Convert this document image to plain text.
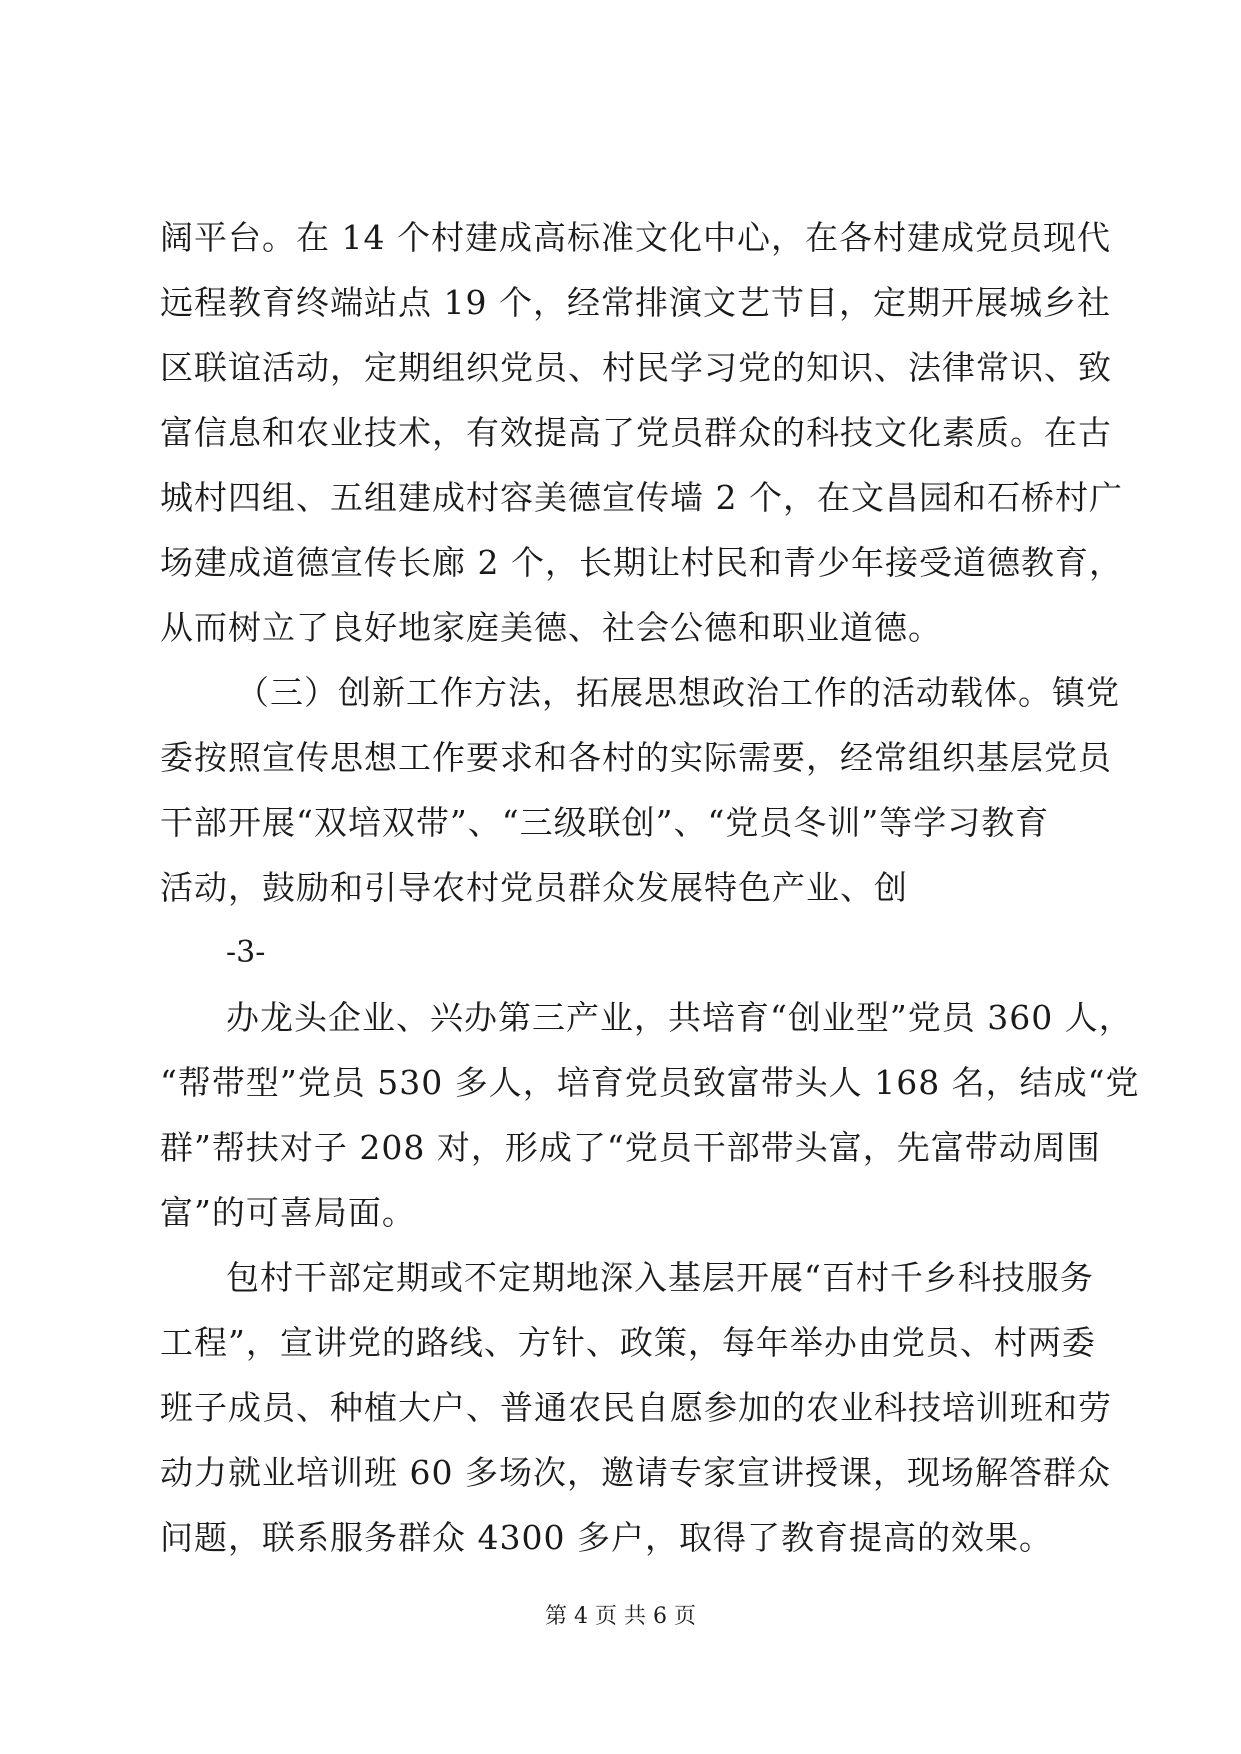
阔平台。在 14 个村建成高标准文化中心，在各村建成党员现代
远程教育终端站点 19 个，经常排演文艺节目，定期开展城乡社
区联谊活动，定期组织党员、村民学习党的知识、法律常识、致
富信息和农业技术，有效提高了党员群众的科技文化素质。在古
城村四组、五组建成村容美德宣传墙 2 个，在文昌园和石桥村广
场建成道德宣传长廊 2 个，长期让村民和青少年接受道德教育，
从而树立了良好地家庭美德、社会公德和职业道德。
（三）创新工作方法，拓展思想政治工作的活动载体。镇党
委按照宣传思想工作要求和各村的实际需要，经常组织基层党员
干部开展“双培双带”、“三级联创”、“党员冬训”等学习教育
活动，鼓励和引导农村党员群众发展特色产业、创
-3-
办龙头企业、兴办第三产业，共培育“创业型”党员 360 人，
“帮带型”党员 530 多人，培育党员致富带头人 168 名，结成“党
群”帮扶对子 208 对，形成了“党员干部带头富，先富带动周围
富”的可喜局面。
包村干部定期或不定期地深入基层开展“百村千乡科技服务
工程”，宣讲党的路线、方针、政策，每年举办由党员、村两委
班子成员、种植大户、普通农民自愿参加的农业科技培训班和劳
动力就业培训班 60 多场次，邀请专家宣讲授课，现场解答群众
问题，联系服务群众 4300 多户，取得了教育提高的效果。
第 4 页 共 6 页
